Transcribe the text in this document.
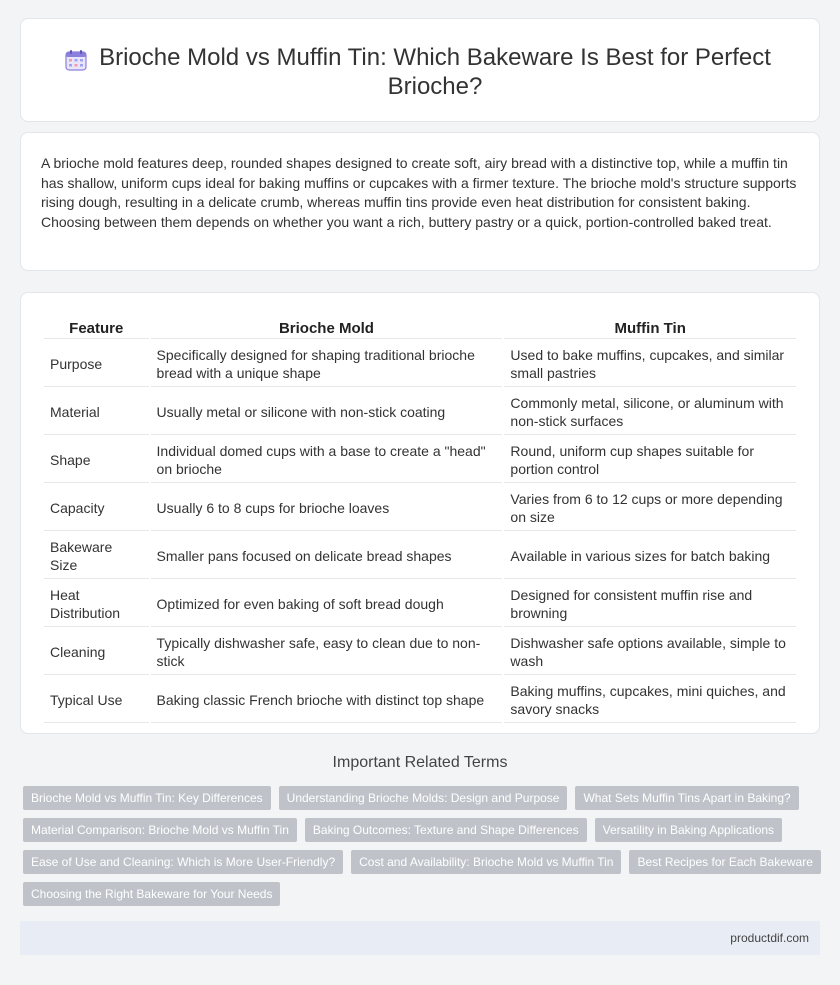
Brioche Mold vs Muffin Tin: Which Bakeware Is Best for Perfect Brioche?

A brioche mold features deep, rounded shapes designed to create soft, airy bread with a distinctive top, while a muffin tin has shallow, uniform cups ideal for baking muffins or cupcakes with a firmer texture. The brioche mold's structure supports rising dough, resulting in a delicate crumb, whereas muffin tins provide even heat distribution for consistent baking. Choosing between them depends on whether you want a rich, buttery pastry or a quick, portion-controlled baked treat.

Feature	Brioche Mold	Muffin Tin
Purpose	Specifically designed for shaping traditional brioche bread with a unique shape	Used to bake muffins, cupcakes, and similar small pastries
Material	Usually metal or silicone with non-stick coating	Commonly metal, silicone, or aluminum with non-stick surfaces
Shape	Individual domed cups with a base to create a "head" on brioche	Round, uniform cup shapes suitable for portion control
Capacity	Usually 6 to 8 cups for brioche loaves	Varies from 6 to 12 cups or more depending on size
Bakeware Size	Smaller pans focused on delicate bread shapes	Available in various sizes for batch baking
Heat Distribution	Optimized for even baking of soft bread dough	Designed for consistent muffin rise and browning
Cleaning	Typically dishwasher safe, easy to clean due to non-stick	Dishwasher safe options available, simple to wash
Typical Use	Baking classic French brioche with distinct top shape	Baking muffins, cupcakes, mini quiches, and savory snacks
Important Related Terms
Brioche Mold vs Muffin Tin: Key Differences	Understanding Brioche Molds: Design and Purpose	What Sets Muffin Tins Apart in Baking?
Material Comparison: Brioche Mold vs Muffin Tin	Baking Outcomes: Texture and Shape Differences	Versatility in Baking Applications
Ease of Use and Cleaning: Which is More User-Friendly?	Cost and Availability: Brioche Mold vs Muffin Tin	Best Recipes for Each Bakeware
Choosing the Right Bakeware for Your Needs
productdif.com
